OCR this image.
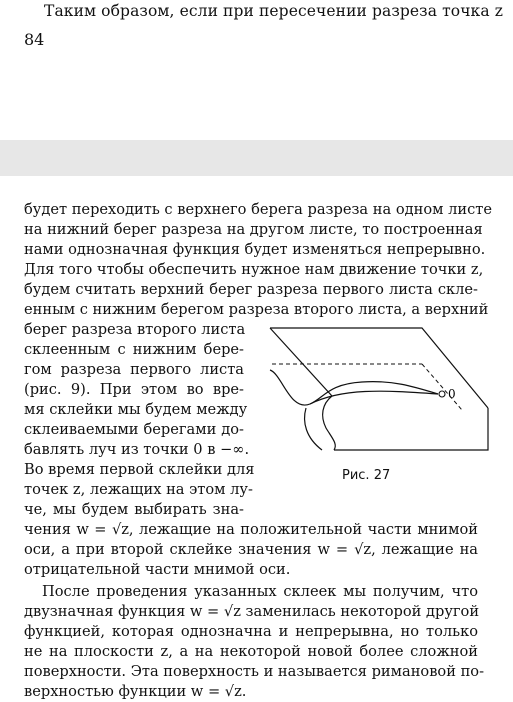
Таким образом, если при пересечении разреза точка z
84
будет переходить с верхнего берега разреза на одном листе
на нижний берег разреза на другом листе, то построенная
нами однозначная функция будет изменяться непрерывно.
Для того чтобы обеспечить нужное нам движение точки z,
будем считать верхний берег разреза первого листа скле-
енным с нижним берегом разреза второго листа, а верхний
берег разреза второго листа
склеенным с нижним бере-
гом разреза первого листа
(рис. 9). При этом во вре-
мя склейки мы будем между
склеиваемыми берегами до-
бавлять луч из точки 0 в −∞.
Во время первой склейки для
точек z, лежащих на этом лу-
че, мы будем выбирать зна-
чения w = √z, лежащие на положительной части мнимой
оси, а при второй склейке значения w = √z, лежащие на
отрицательной части мнимой оси.
После проведения указанных склеек мы получим, что
двузначная функция w = √z заменилась некоторой другой
функцией, которая однозначна и непрерывна, но только
не на плоскости z, а на некоторой новой более сложной
поверхности. Эта поверхность и называется римановой по-
верхностью функции w = √z.
0
Рис. 27
